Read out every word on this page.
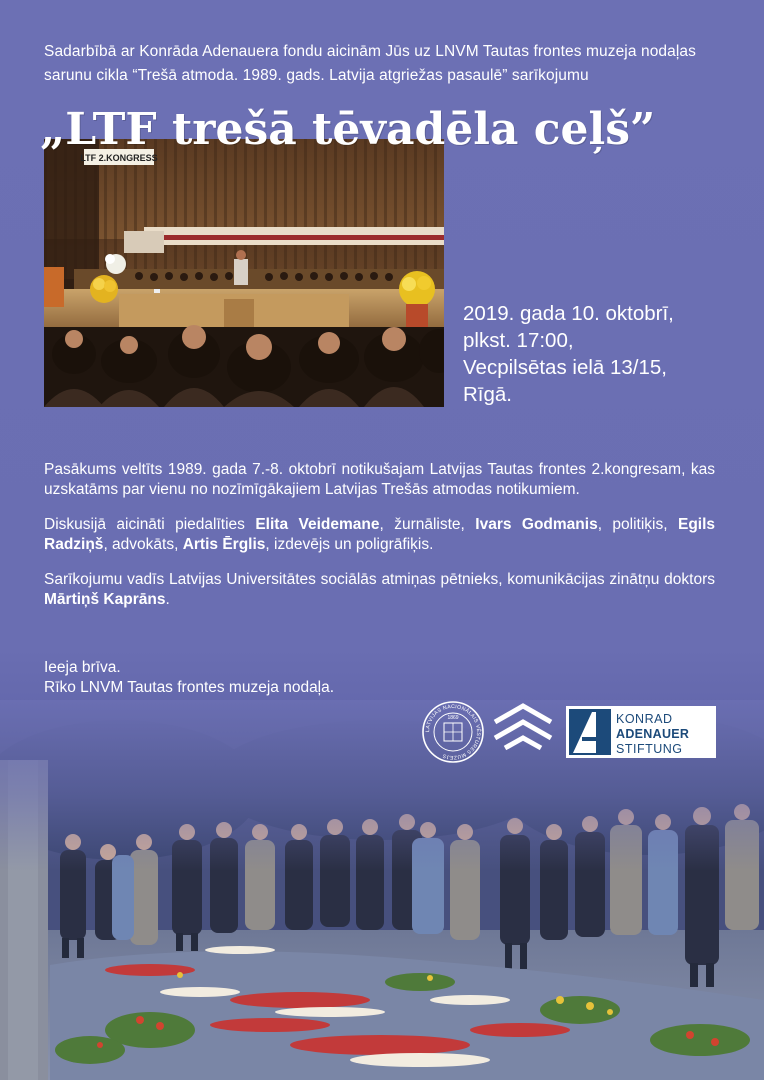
Sadarbībā ar Konrāda Adenauera fondu aicinām Jūs uz LNVM Tautas frontes muzeja nodaļas sarunu cikla “Trešā atmoda. 1989. gads. Latvija atgriežas pasaulē” sarīkojumu
LTF 2.KONGRESS
„LTF trešā tēvadēla ceļš”
2019. gada 10. oktobrī,
plkst. 17:00,
Vecpilsētas ielā 13/15,
Rīgā.

Pasākums veltīts 1989. gada 7.-8. oktobrī notikušajam Latvijas Tautas frontes 2.kongresam, kas uzskatāms par vienu no nozīmīgākajiem Latvijas Trešās atmodas notikumiem.

Diskusijā aicināti piedalīties Elita Veidemane, žurnāliste, Ivars Godmanis, politiķis, Egils Radziņš, advokāts, Artis Ērglis, izdevējs un poligrāfiķis.

Sarīkojumu vadīs Latvijas Universitātes sociālās atmiņas pētnieks, komunikācijas zinātņu doktors Mārtiņš Kaprāns.

Ieeja brīva.
Rīko LNVM Tautas frontes muzeja nodaļa.
LATVIJAS NACIONĀLAIS VĒSTURES MUZEJS
1869	KONRAD
ADENAUER
STIFTUNG
